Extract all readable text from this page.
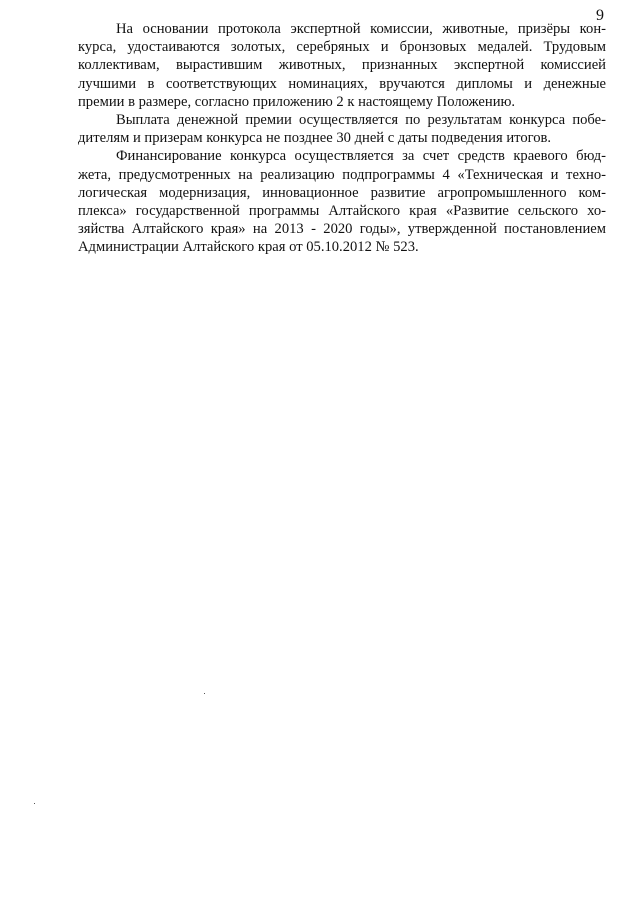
9
На основании протокола экспертной комиссии, животные, призёры кон-
курса, удостаиваются золотых, серебряных и бронзовых медалей. Трудовым
коллективам, вырастившим животных, признанных экспертной комиссией
лучшими в соответствующих номинациях, вручаются дипломы и денежные
премии в размере, согласно приложению 2 к настоящему Положению.
Выплата денежной премии осуществляется по результатам конкурса побе-
дителям и призерам конкурса не позднее 30 дней с даты подведения итогов.
Финансирование конкурса осуществляется за счет средств краевого бюд-
жета, предусмотренных на реализацию подпрограммы 4 «Техническая и техно-
логическая модернизация, инновационное развитие агропромышленного ком-
плекса» государственной программы Алтайского края «Развитие сельского хо-
зяйства Алтайского края» на 2013 - 2020 годы», утвержденной постановлением
Администрации Алтайского края от 05.10.2012 № 523.
